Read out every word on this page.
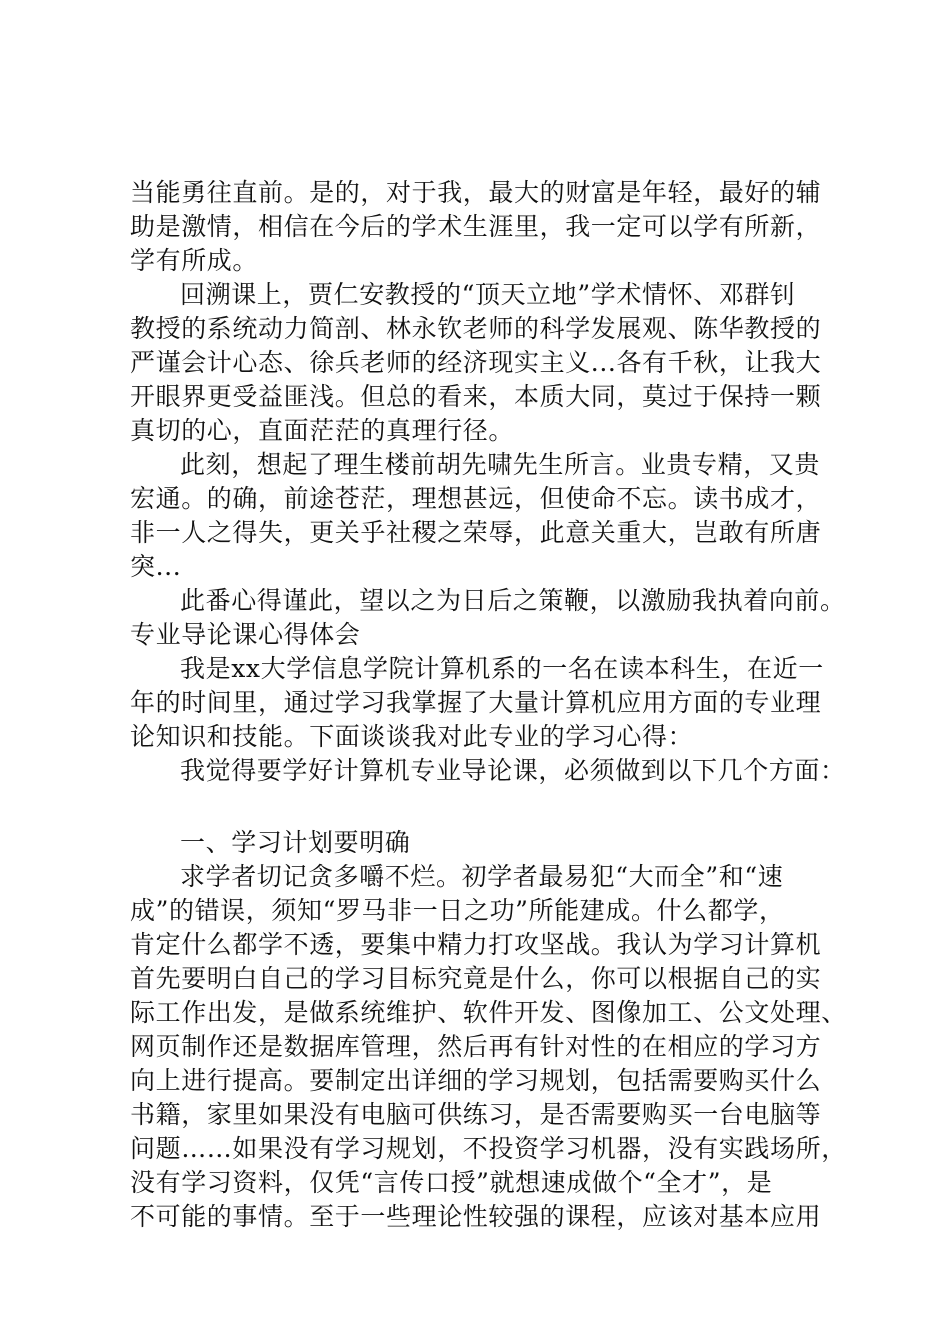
当能勇往直前。是的，对于我，最大的财富是年轻，最好的辅
助是激情，相信在今后的学术生涯里，我一定可以学有所新，
学有所成。
回溯课上，贾仁安教授的“顶天立地”学术情怀、邓群钊
教授的系统动力简剖、林永钦老师的科学发展观、陈华教授的
严谨会计心态、徐兵老师的经济现实主义...各有千秋，让我大
开眼界更受益匪浅。但总的看来，本质大同，莫过于保持一颗
真切的心，直面茫茫的真理行径。
此刻，想起了理生楼前胡先啸先生所言。业贵专精，又贵
宏通。的确，前途苍茫，理想甚远，但使命不忘。读书成才，
非一人之得失，更关乎社稷之荣辱，此意关重大，岂敢有所唐
突...
此番心得谨此，望以之为日后之策鞭，以激励我执着向前。
专业导论课心得体会
我是xx大学信息学院计算机系的一名在读本科生，在近一
年的时间里，通过学习我掌握了大量计算机应用方面的专业理
论知识和技能。下面谈谈我对此专业的学习心得：
我觉得要学好计算机专业导论课，必须做到以下几个方面：
一、学习计划要明确
求学者切记贪多嚼不烂。初学者最易犯“大而全”和“速
成”的错误，须知“罗马非一日之功”所能建成。什么都学，
肯定什么都学不透，要集中精力打攻坚战。我认为学习计算机
首先要明白自己的学习目标究竟是什么，你可以根据自己的实
际工作出发，是做系统维护、软件开发、图像加工、公文处理、
网页制作还是数据库管理，然后再有针对性的在相应的学习方
向上进行提高。要制定出详细的学习规划，包括需要购买什么
书籍，家里如果没有电脑可供练习，是否需要购买一台电脑等
问题……如果没有学习规划，不投资学习机器，没有实践场所，
没有学习资料，仅凭“言传口授”就想速成做个“全才”，是
不可能的事情。至于一些理论性较强的课程，应该对基本应用
